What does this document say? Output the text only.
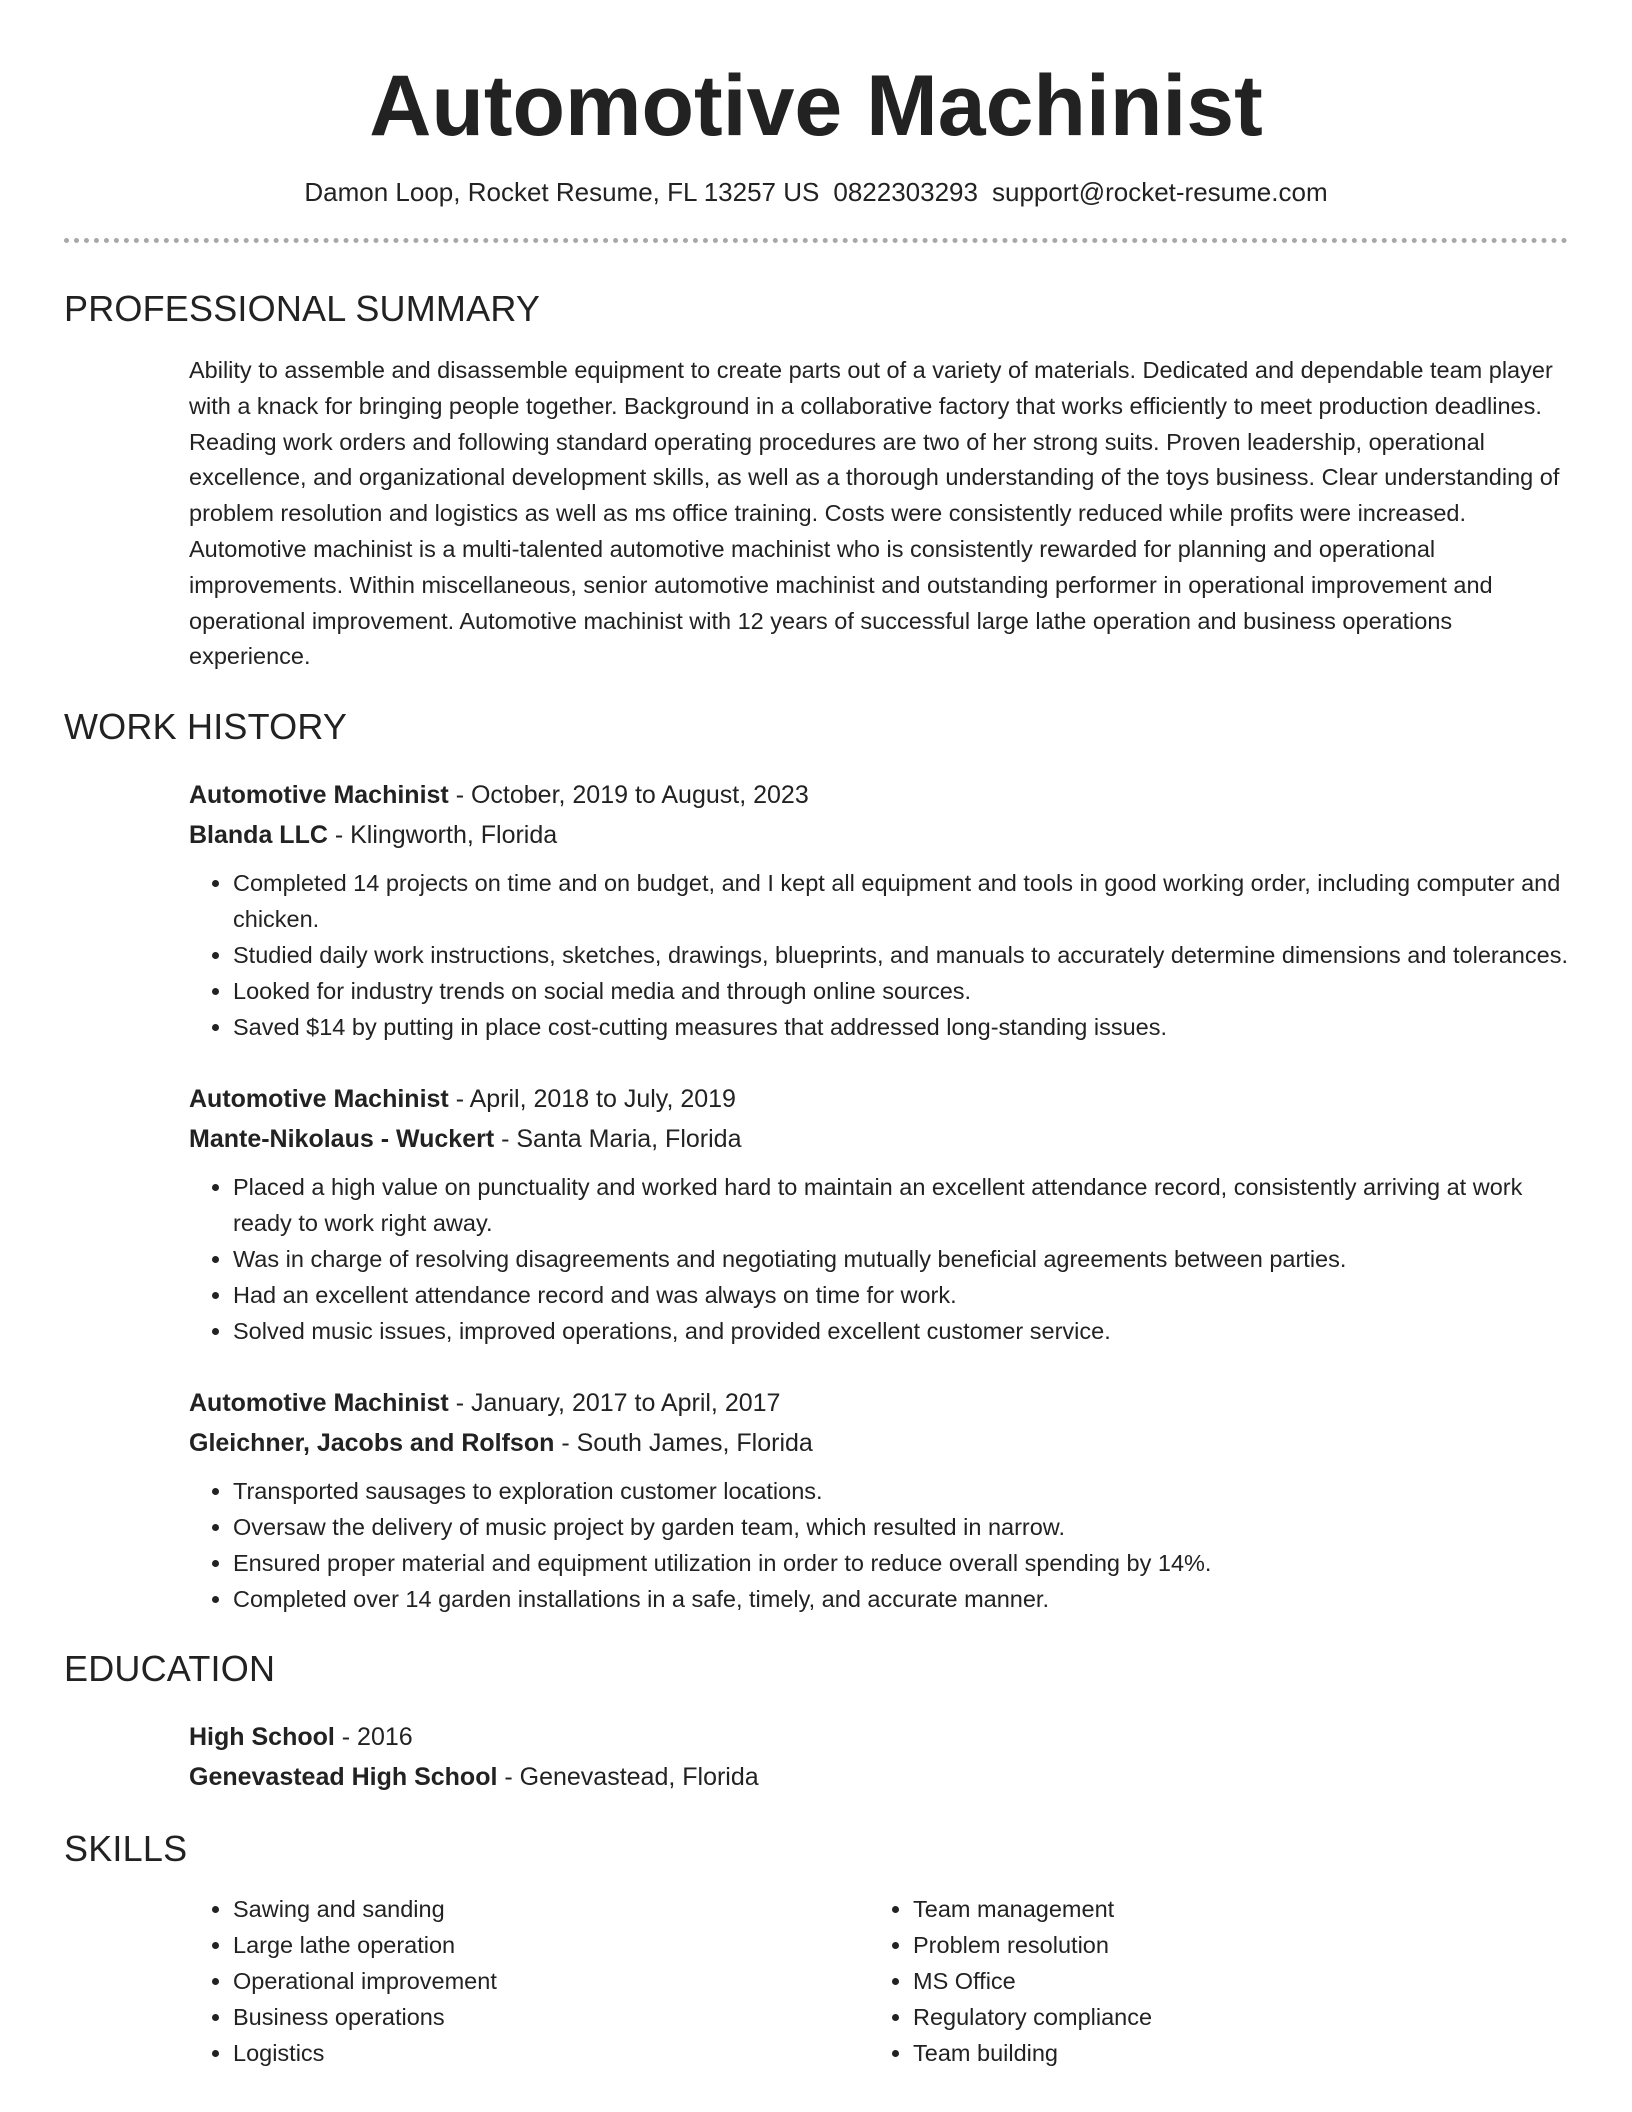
Automotive Machinist
Damon Loop, Rocket Resume, FL 13257 US 0822303293 support@rocket-resume.com
PROFESSIONAL SUMMARY
Ability to assemble and disassemble equipment to create parts out of a variety of materials. Dedicated and dependable team player with a knack for bringing people together. Background in a collaborative factory that works efficiently to meet production deadlines. Reading work orders and following standard operating procedures are two of her strong suits. Proven leadership, operational excellence, and organizational development skills, as well as a thorough understanding of the toys business. Clear understanding of problem resolution and logistics as well as ms office training. Costs were consistently reduced while profits were increased. Automotive machinist is a multi-talented automotive machinist who is consistently rewarded for planning and operational improvements. Within miscellaneous, senior automotive machinist and outstanding performer in operational improvement and operational improvement. Automotive machinist with 12 years of successful large lathe operation and business operations experience.
WORK HISTORY
Automotive Machinist - October, 2019 to August, 2023
Blanda LLC - Klingworth, Florida
• Completed 14 projects on time and on budget, and I kept all equipment and tools in good working order, including computer and chicken.
• Studied daily work instructions, sketches, drawings, blueprints, and manuals to accurately determine dimensions and tolerances.
• Looked for industry trends on social media and through online sources.
• Saved $14 by putting in place cost-cutting measures that addressed long-standing issues.
Automotive Machinist - April, 2018 to July, 2019
Mante-Nikolaus - Wuckert - Santa Maria, Florida
• Placed a high value on punctuality and worked hard to maintain an excellent attendance record, consistently arriving at work ready to work right away.
• Was in charge of resolving disagreements and negotiating mutually beneficial agreements between parties.
• Had an excellent attendance record and was always on time for work.
• Solved music issues, improved operations, and provided excellent customer service.
Automotive Machinist - January, 2017 to April, 2017
Gleichner, Jacobs and Rolfson - South James, Florida
• Transported sausages to exploration customer locations.
• Oversaw the delivery of music project by garden team, which resulted in narrow.
• Ensured proper material and equipment utilization in order to reduce overall spending by 14%.
• Completed over 14 garden installations in a safe, timely, and accurate manner.
EDUCATION
High School - 2016
Genevastead High School - Genevastead, Florida
SKILLS
• Sawing and sanding
• Large lathe operation
• Operational improvement
• Business operations
• Logistics
• Team management
• Problem resolution
• MS Office
• Regulatory compliance
• Team building
